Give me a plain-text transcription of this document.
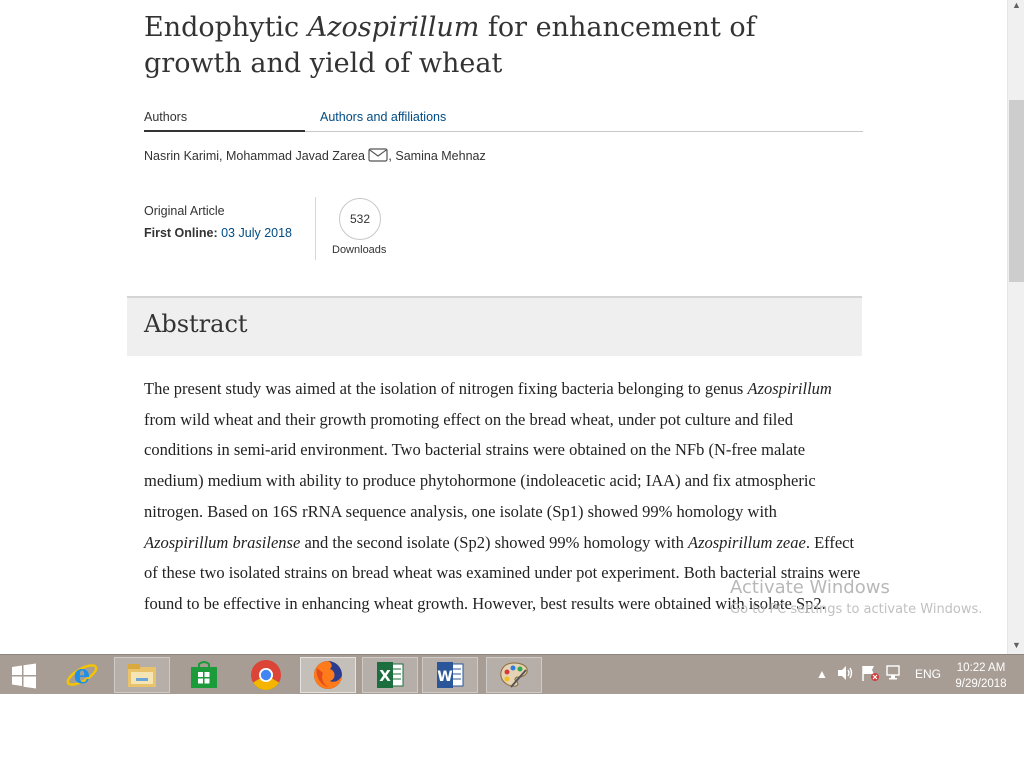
Endophytic Azospirillum for enhancement of growth and yield of wheat
Authors	Authors and affiliations
Nasrin Karimi, Mohammad Javad Zarea , Samina Mehnaz
Original Article
First Online: 03 July 2018
532
Downloads
Abstract

The present study was aimed at the isolation of nitrogen fixing bacteria belonging to genus Azospirillum from wild wheat and their growth promoting effect on the bread wheat, under pot culture and filed conditions in semi-arid environment. Two bacterial strains were obtained on the NFb (N-free malate medium) medium with ability to produce phytohormone (indoleacetic acid; IAA) and fix atmospheric nitrogen. Based on 16S rRNA sequence analysis, one isolate (Sp1) showed 99% homology with Azospirillum brasilense and the second isolate (Sp2) showed 99% homology with Azospirillum zeae. Effect of these two isolated strains on bread wheat was examined under pot experiment. Both bacterial strains were found to be effective in enhancing wheat growth. However, best results were obtained with isolate Sp2.

Activate Windows
Go to PC settings to activate Windows.
▲
▼
e	X	W	▲	ENG	10:22 AM
9/29/2018
